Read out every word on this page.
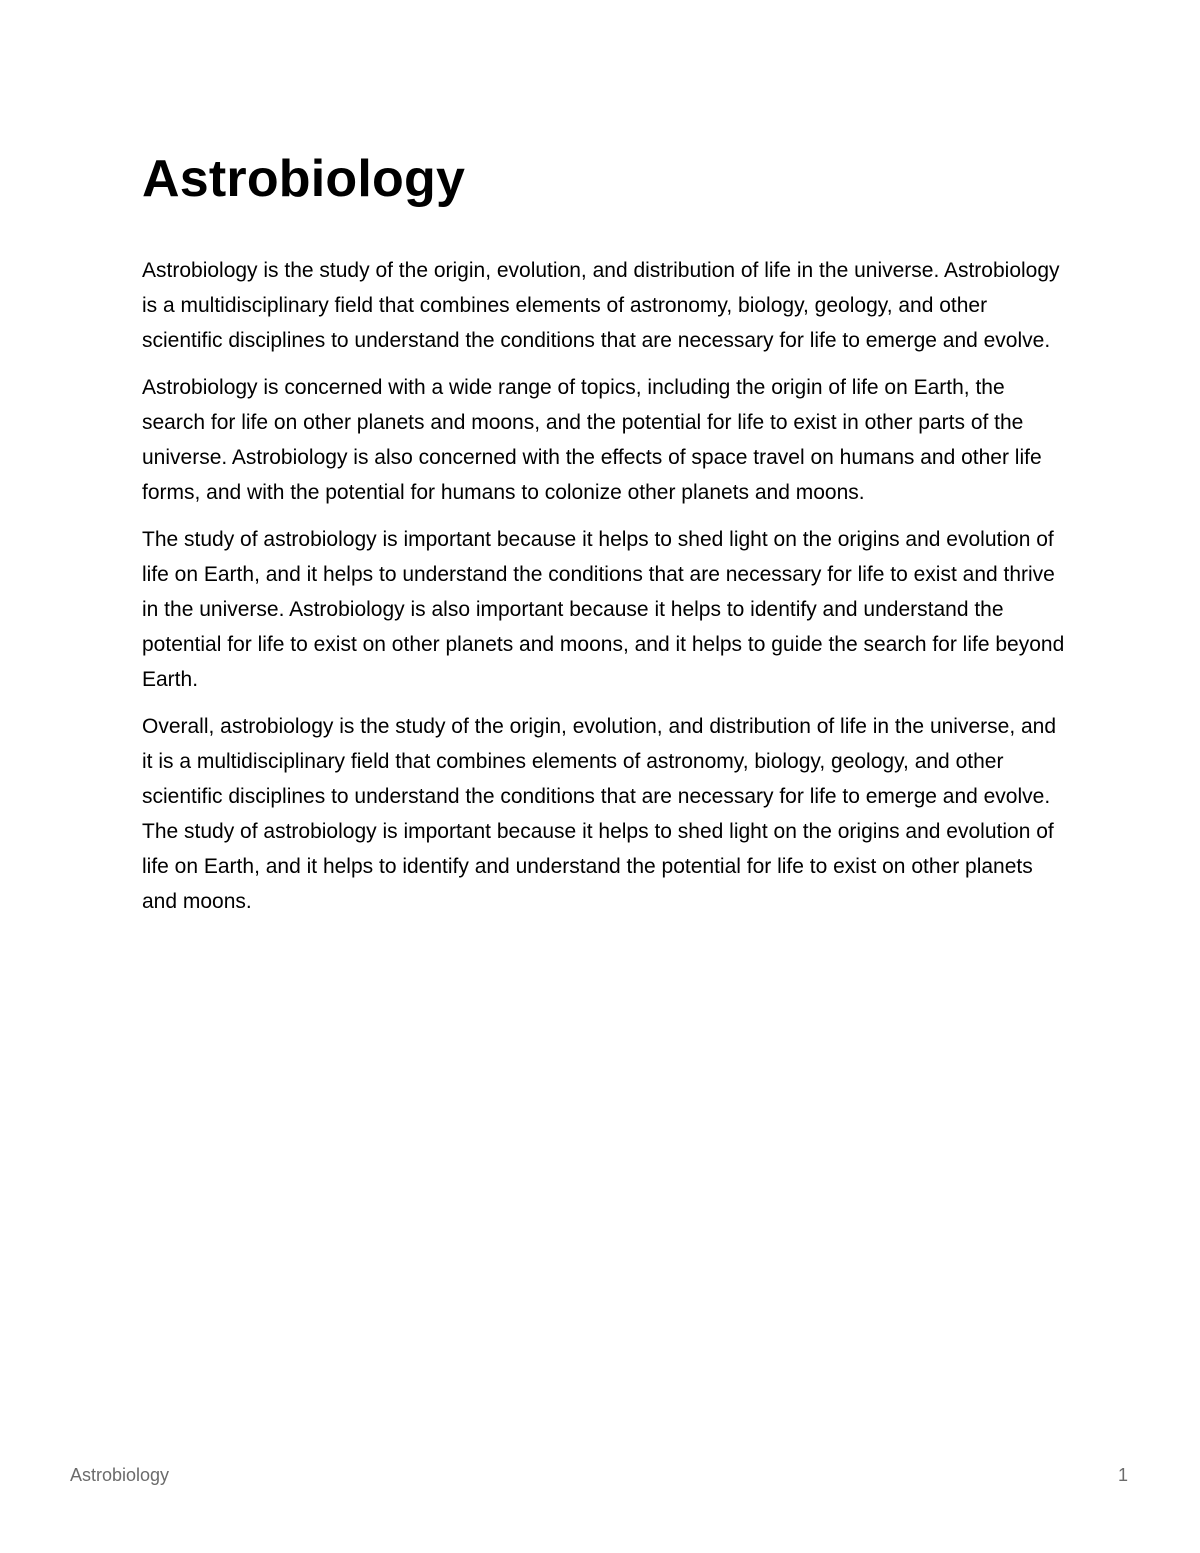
Astrobiology

Astrobiology is the study of the origin, evolution, and distribution of life in the universe. Astrobiology is a multidisciplinary field that combines elements of astronomy, biology, geology, and other scientific disciplines to understand the conditions that are necessary for life to emerge and evolve.

Astrobiology is concerned with a wide range of topics, including the origin of life on Earth, the search for life on other planets and moons, and the potential for life to exist in other parts of the universe. Astrobiology is also concerned with the effects of space travel on humans and other life forms, and with the potential for humans to colonize other planets and moons.

The study of astrobiology is important because it helps to shed light on the origins and evolution of life on Earth, and it helps to understand the conditions that are necessary for life to exist and thrive in the universe. Astrobiology is also important because it helps to identify and understand the potential for life to exist on other planets and moons, and it helps to guide the search for life beyond Earth.

Overall, astrobiology is the study of the origin, evolution, and distribution of life in the universe, and it is a multidisciplinary field that combines elements of astronomy, biology, geology, and other scientific disciplines to understand the conditions that are necessary for life to emerge and evolve. The study of astrobiology is important because it helps to shed light on the origins and evolution of life on Earth, and it helps to identify and understand the potential for life to exist on other planets and moons.

Astrobiology	1
